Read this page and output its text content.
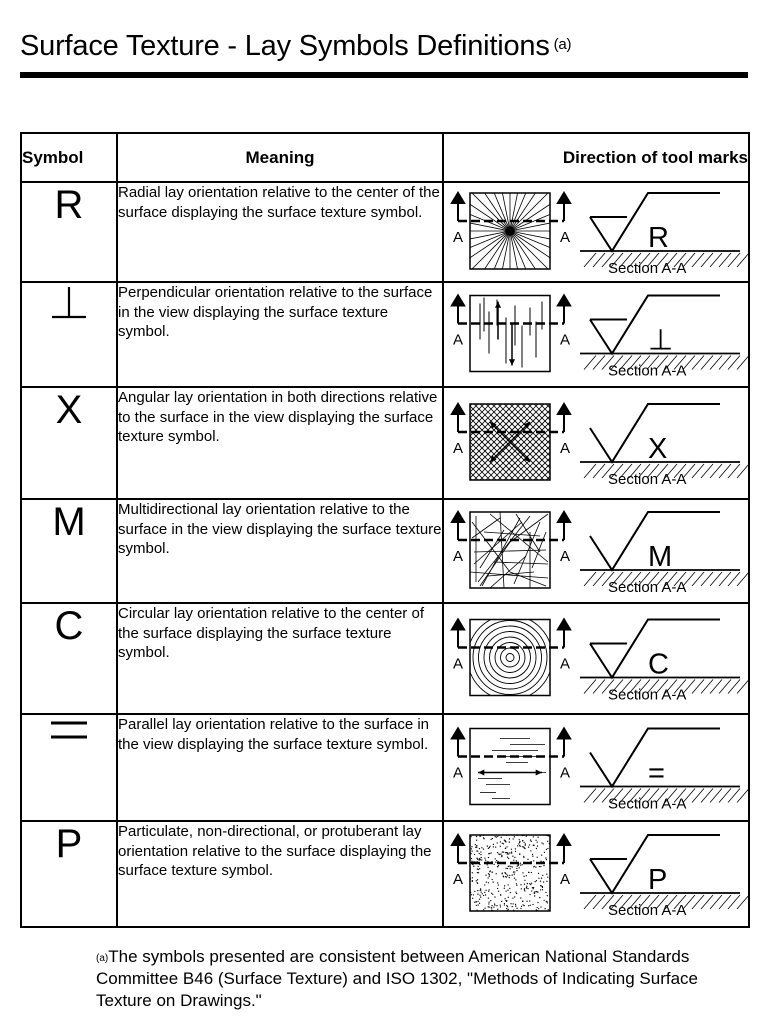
Surface Texture - Lay Symbols Definitions $^{(a)}$
Symbol	Meaning	Direction of tool marks
R	Radial lay orientation relative to the center of the surface displaying the surface texture symbol.	A A R
Section A-A

	Perpendicular orientation relative to the surface in the view displaying the surface texture symbol.	A A ⊥
Section A-A

X	Angular lay orientation in both directions relative to the surface in the view displaying the surface texture symbol.	A A X
Section A-A

M	Multidirectional lay orientation relative to the surface in the view displaying the surface texture symbol.	A A M
Section A-A

C	Circular lay orientation relative to the center of the surface displaying the surface texture symbol.	A A C
Section A-A

	Parallel lay orientation relative to the surface in the view displaying the surface texture symbol.	A A =
Section A-A

P	Particulate, non-directional, or protuberant lay orientation relative to the surface displaying the surface texture symbol.	A A P
Section A-A
$^{(a)}$The symbols presented are consistent between American National Standards Committee B46 (Surface Texture) and ISO 1302, "Methods of Indicating Surface Texture on Drawings."
